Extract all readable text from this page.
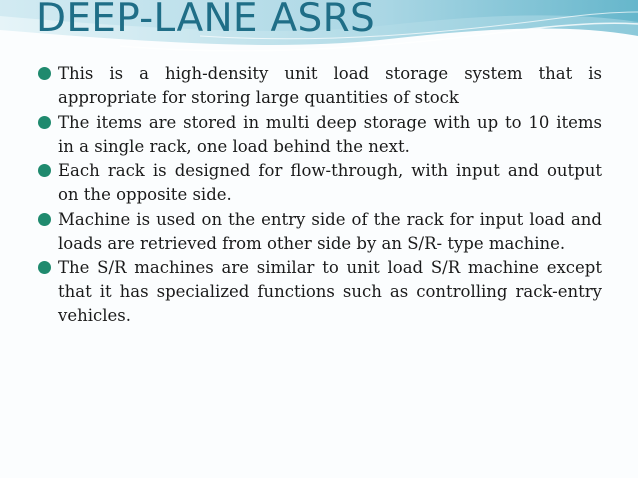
DEEP-LANE ASRS
This is a high-density unit load storage system that is appropriate for storing large quantities of stock
The items are stored in multi deep storage with up to 10 items in a single rack, one load behind the next.
Each rack is designed for flow-through, with input and output on the opposite side.
Machine is used on the entry side of the rack for input load and loads are retrieved from other side by an S/R- type machine.
The S/R machines are similar to unit load S/R machine except that it has specialized functions such as controlling rack-entry vehicles.
